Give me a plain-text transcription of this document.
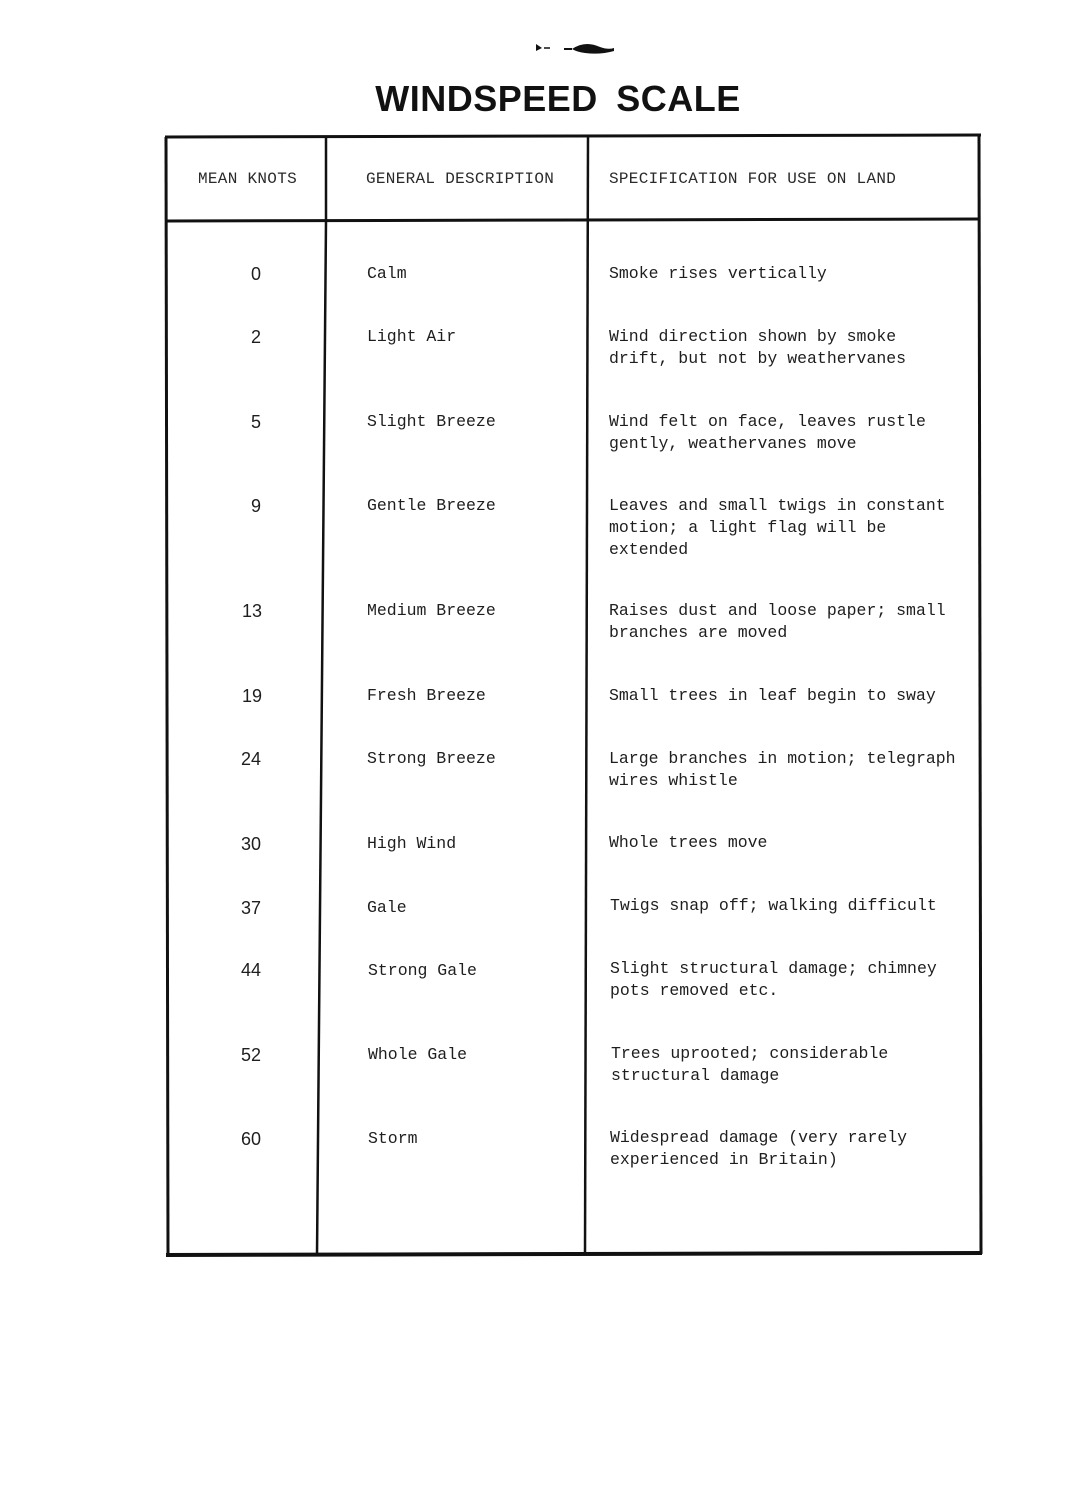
WINDSPEED SCALE
MEAN KNOTS	GENERAL DESCRIPTION	SPECIFICATION FOR USE ON LAND
0	Calm	Smoke rises vertically
2	Light Air	Wind direction shown by smoke
drift, but not by weathervanes
5	Slight Breeze	Wind felt on face, leaves rustle
gently, weathervanes move
9	Gentle Breeze	Leaves and small twigs in constant
motion; a light flag will be
extended
13	Medium Breeze	Raises dust and loose paper; small
branches are moved
19	Fresh Breeze	Small trees in leaf begin to sway
24	Strong Breeze	Large branches in motion; telegraph
wires whistle
30	High Wind	Whole trees move
37	Gale	Twigs snap off; walking difficult
44	Strong Gale	Slight structural damage; chimney
pots removed etc.
52	Whole Gale	Trees uprooted; considerable
structural damage
60	Storm	Widespread damage (very rarely
experienced in Britain)
